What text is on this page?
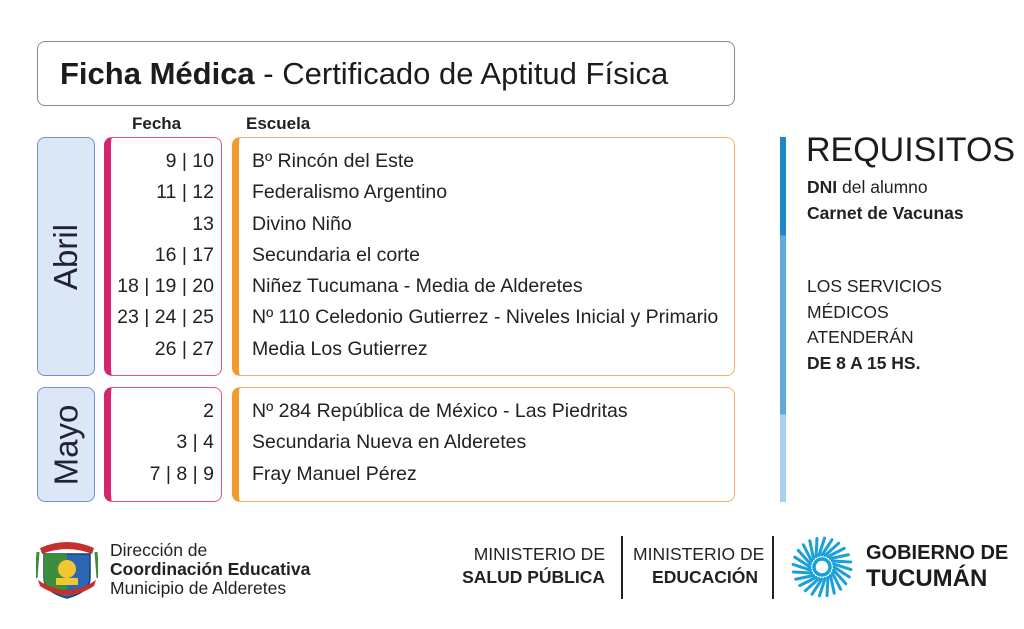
Ficha Médica - Certificado de Aptitud Física
Fecha	Escuela
Abril
9 | 10
11 | 12
13
16 | 17
18 | 19 | 20
23 | 24 | 25
26 | 27
Bº Rincón del Este
Federalismo Argentino
Divino Niño
Secundaria el corte
Niñez Tucumana - Media de Alderetes
Nº 110 Celedonio Gutierrez - Niveles Inicial y Primario
Media Los Gutierrez
Mayo	2
3 | 4
7 | 8 | 9
Nº 284 República de México - Las Piedritas
Secundaria Nueva en Alderetes
Fray Manuel Pérez
REQUISITOS
DNI del alumno
Carnet de Vacunas
LOS SERVICIOS
MÉDICOS
ATENDERÁN
DE 8 A 15 HS.
Dirección de
Coordinación Educativa
Municipio de Alderetes
MINISTERIO DE
SALUD PÚBLICA
MINISTERIO DE
EDUCACIÓN
GOBIERNO DE
TUCUMÁN
